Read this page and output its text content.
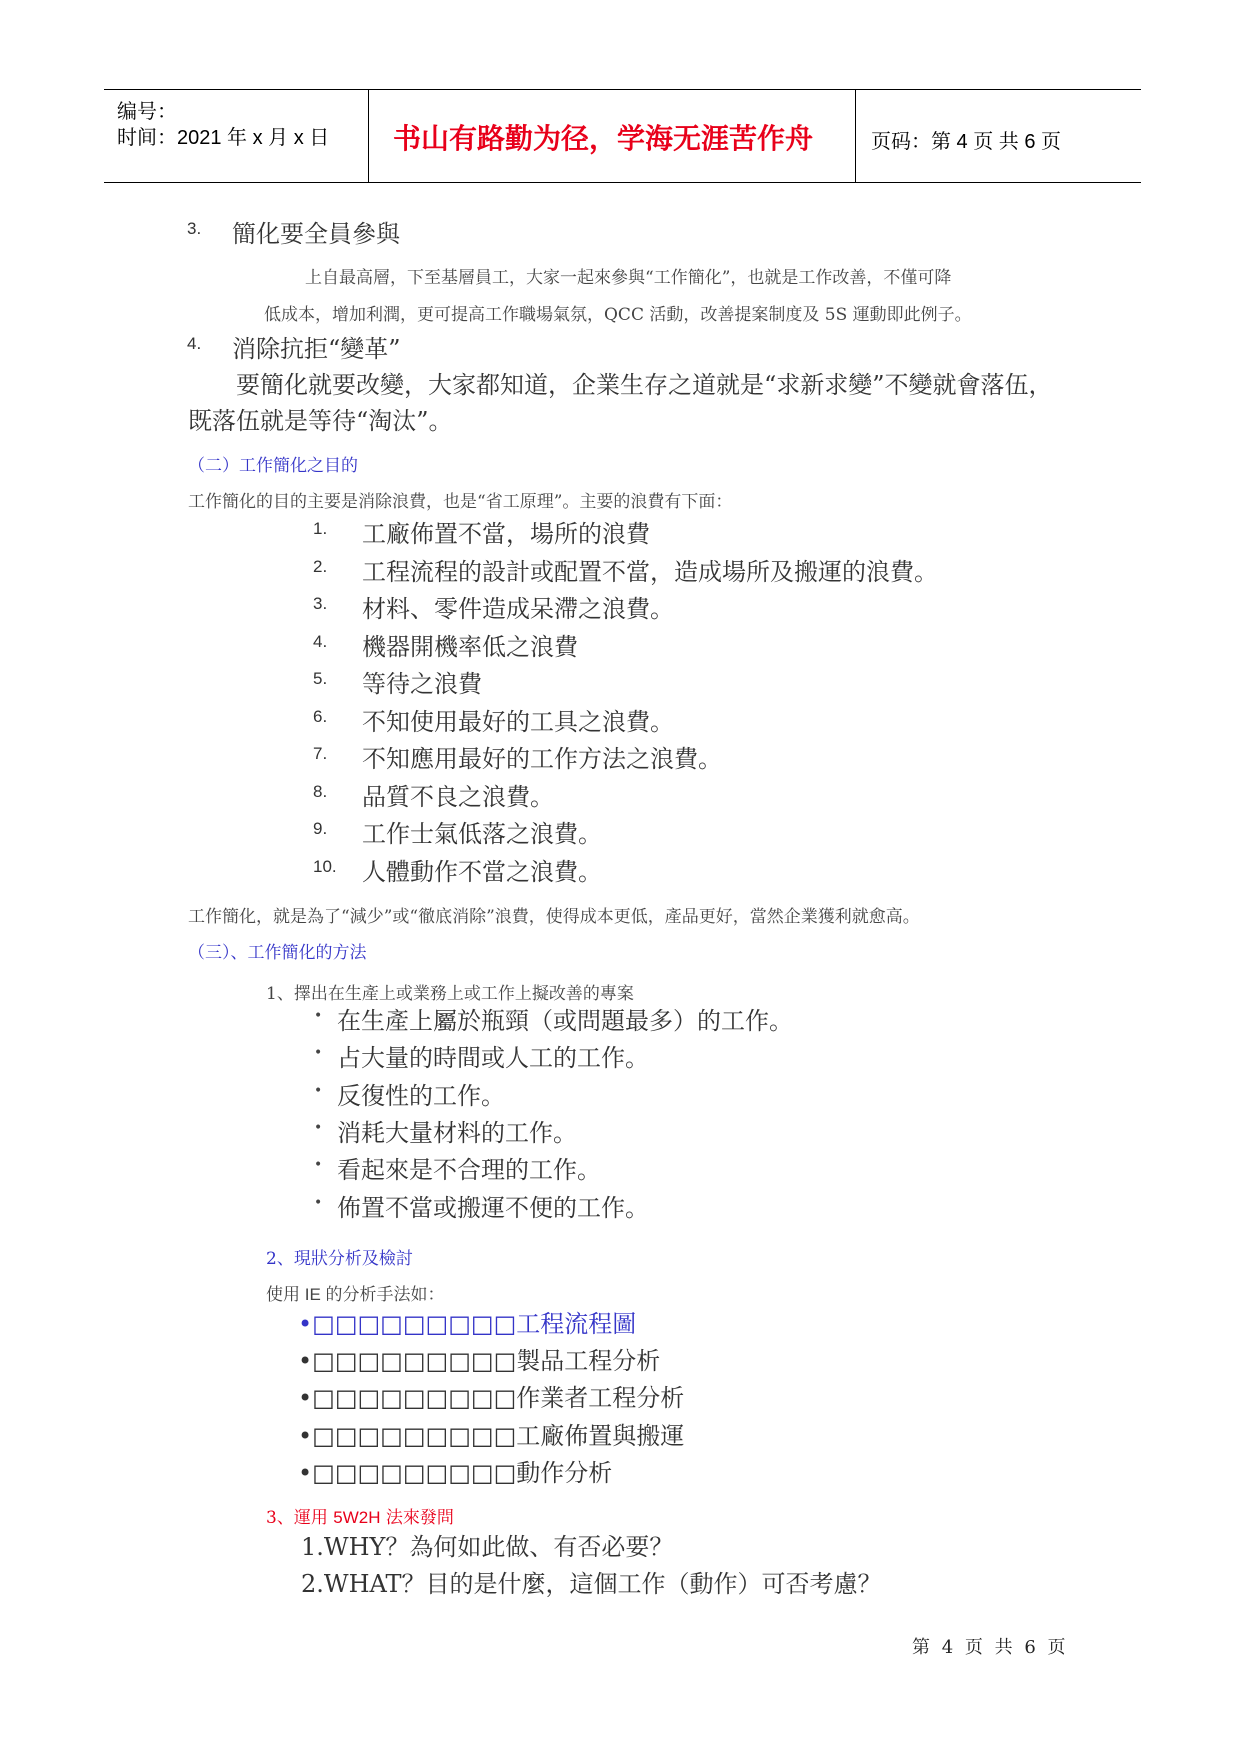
编号：
时间：2021 年 x 月 x 日 书山有路勤为径，学海无涯苦作舟	页码：第 4 页 共 6 页
3. 簡化要全員參與
上自最高層，下至基層員工，大家一起來參與“工作簡化”，也就是工作改善，不僅可降
低成本，增加利潤，更可提高工作職場氣氛，QCC 活動，改善提案制度及 5S 運動即此例子。
4. 消除抗拒“變革”
要簡化就要改變，大家都知道，企業生存之道就是“求新求變”不變就會落伍，
既落伍就是等待“淘汰”。
（二）工作簡化之目的
工作簡化的目的主要是消除浪費，也是“省工原理”。主要的浪費有下面：
1. 工廠佈置不當，場所的浪費
2. 工程流程的設計或配置不當，造成場所及搬運的浪費。
3. 材料、零件造成呆滯之浪費。
4. 機器開機率低之浪費
5. 等待之浪費
6. 不知使用最好的工具之浪費。
7. 不知應用最好的工作方法之浪費。
8. 品質不良之浪費。
9. 工作士氣低落之浪費。
10. 人體動作不當之浪費。
工作簡化，就是為了“減少”或“徹底消除”浪費，使得成本更低，產品更好，當然企業獲利就愈高。
（三）、工作簡化的方法
1、擇出在生產上或業務上或工作上擬改善的專案
• 在生產上屬於瓶頸（或問題最多）的工作。
• 占大量的時間或人工的工作。
• 反復性的工作。
• 消耗大量材料的工作。
• 看起來是不合理的工作。
• 佈置不當或搬運不便的工作。
2、現狀分析及檢討
使用 IE 的分析手法如：
•□□□□□□□□□工程流程圖
•□□□□□□□□□製品工程分析
•□□□□□□□□□作業者工程分析
•□□□□□□□□□工廠佈置與搬運
•□□□□□□□□□動作分析
3、運用 5W2H 法來發問
1.WHY？為何如此做、有否必要？
2.WHAT？目的是什麼，這個工作（動作）可否考慮？
第 4 页 共 6 页
